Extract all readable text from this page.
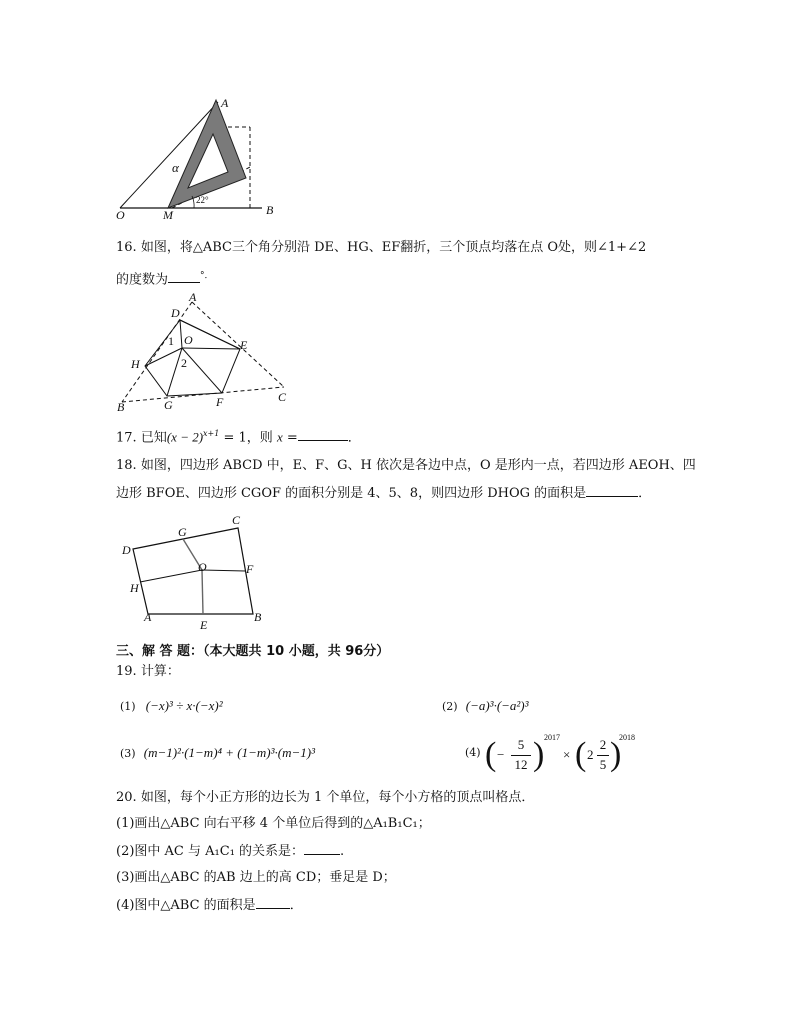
A
O	M	B
α
22°
16. 如图，将△ABC三个角分别沿 DE、HG、EF翻折，三个顶点均落在点 O处，则∠1+∠2
的度数为	°．
A
D
1 O	E
2
H
B	G	F	C
17. 已知$(x - 2)^{x+1} = 1$，则 x =	．
18. 如图，四边形 ABCD 中，E、F、G、H 依次是各边中点，O 是形内一点，若四边形 AEOH、四
边形 BFOE、四边形 CGOF 的面积分别是 4、5、8，则四边形 DHOG 的面积是	．
G
C
D
O	F
H
A	B
E
三、解 答 题：（本大题共 10 小题，共 96分）
19. 计算：
(1) (−x)³ ÷ x·(−x)²	(2) (−a)³·(−a²)³
(3) (m−1)²·(1−m)⁴ + (1−m)³·(m−1)³	(4) ( −
5
12 ) 2017
× ( 2
2
5 )
2018
20. 如图，每个小正方形的边长为 1 个单位，每个小方格的顶点叫格点．
(1)画出△ABC 向右平移 4 个单位后得到的△A₁B₁C₁；
(2)图中 AC 与 A₁C₁ 的关系是：	.
(3)画出△ABC 的AB 边上的高 CD；垂足是 D；
(4)图中△ABC 的面积是	．
